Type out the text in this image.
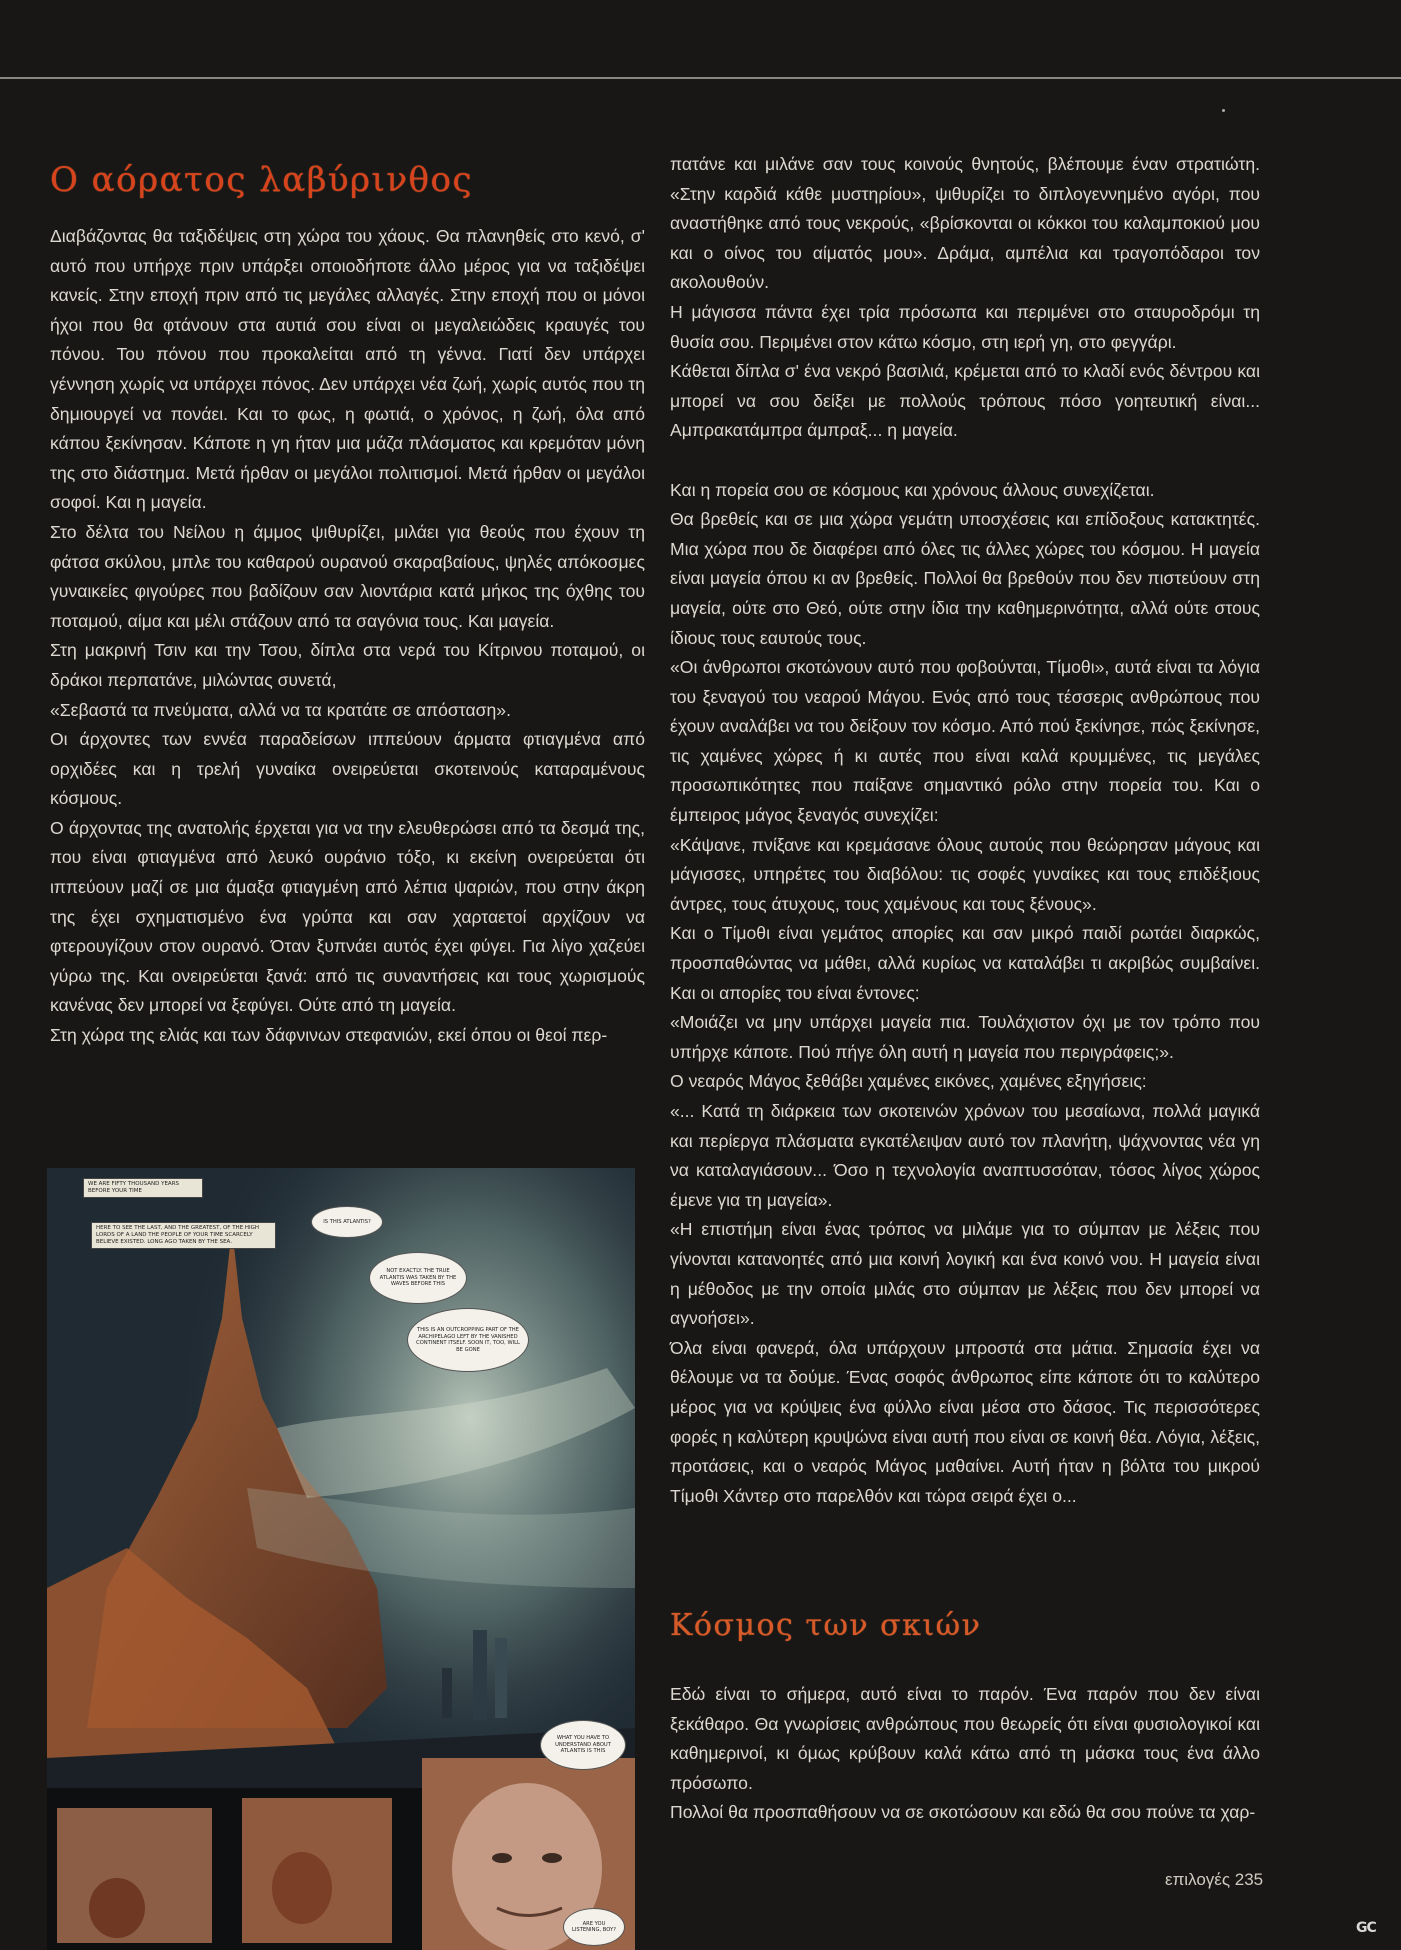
Ο αόρατος λαβύρινθος

Διαβάζοντας θα ταξιδέψεις στη χώρα του χάους. Θα πλανηθείς στο κενό, σ' αυτό που υπήρχε πριν υπάρξει οποιοδήποτε άλλο μέρος για να ταξιδέψει κανείς. Στην εποχή πριν από τις μεγάλες αλλαγές. Στην εποχή που οι μόνοι ήχοι που θα φτάνουν στα αυτιά σου είναι οι μεγαλειώδεις κραυγές του πόνου. Του πόνου που προκαλείται από τη γέννα. Γιατί δεν υπάρχει γέννηση χωρίς να υπάρχει πόνος. Δεν υπάρχει νέα ζωή, χωρίς αυτός που τη δημιουργεί να πονάει. Και το φως, η φωτιά, ο χρόνος, η ζωή, όλα από κάπου ξεκίνησαν. Κάποτε η γη ήταν μια μάζα πλάσματος και κρεμόταν μόνη της στο διάστημα. Μετά ήρθαν οι μεγάλοι πολιτισμοί. Μετά ήρθαν οι μεγάλοι σοφοί. Και η μαγεία.

Στο δέλτα του Νείλου η άμμος ψιθυρίζει, μιλάει για θεούς που έχουν τη φάτσα σκύλου, μπλε του καθαρού ουρανού σκαραβαίους, ψηλές απόκοσμες γυναικείες φιγούρες που βαδίζουν σαν λιοντάρια κατά μήκος της όχθης του ποταμού, αίμα και μέλι στάζουν από τα σαγόνια τους. Και μαγεία.

Στη μακρινή Τσιν και την Τσου, δίπλα στα νερά του Κίτρινου ποταμού, οι δράκοι περπατάνε, μιλώντας συνετά,

«Σεβαστά τα πνεύματα, αλλά να τα κρατάτε σε απόσταση».

Οι άρχοντες των εννέα παραδείσων ιππεύουν άρματα φτιαγμένα από ορχιδέες και η τρελή γυναίκα ονειρεύεται σκοτεινούς καταραμένους κόσμους.

Ο άρχοντας της ανατολής έρχεται για να την ελευθερώσει από τα δεσμά της, που είναι φτιαγμένα από λευκό ουράνιο τόξο, κι εκείνη ονειρεύεται ότι ιππεύουν μαζί σε μια άμαξα φτιαγμένη από λέπια ψαριών, που στην άκρη της έχει σχηματισμένο ένα γρύπα και σαν χαρταετοί αρχίζουν να φτερουγίζουν στον ουρανό. Όταν ξυπνάει αυτός έχει φύγει. Για λίγο χαζεύει γύρω της. Και ονειρεύεται ξανά: από τις συναντήσεις και τους χωρισμούς κανένας δεν μπορεί να ξεφύγει. Ούτε από τη μαγεία.

Στη χώρα της ελιάς και των δάφνινων στεφανιών, εκεί όπου οι θεοί περ-

πατάνε και μιλάνε σαν τους κοινούς θνητούς, βλέπουμε έναν στρατιώτη. «Στην καρδιά κάθε μυστηρίου», ψιθυρίζει το διπλογεννημένο αγόρι, που αναστήθηκε από τους νεκρούς, «βρίσκονται οι κόκκοι του καλαμποκιού μου και ο οίνος του αίματός μου». Δράμα, αμπέλια και τραγοπόδαροι τον ακολουθούν.

Η μάγισσα πάντα έχει τρία πρόσωπα και περιμένει στο σταυροδρόμι τη θυσία σου. Περιμένει στον κάτω κόσμο, στη ιερή γη, στο φεγγάρι.

Κάθεται δίπλα σ' ένα νεκρό βασιλιά, κρέμεται από το κλαδί ενός δέντρου και μπορεί να σου δείξει με πολλούς τρόπους πόσο γοητευτική είναι... Αμπρακατάμπρα άμπραξ... η μαγεία.

Και η πορεία σου σε κόσμους και χρόνους άλλους συνεχίζεται.

Θα βρεθείς και σε μια χώρα γεμάτη υποσχέσεις και επίδοξους κατακτητές. Μια χώρα που δε διαφέρει από όλες τις άλλες χώρες του κόσμου. Η μαγεία είναι μαγεία όπου κι αν βρεθείς. Πολλοί θα βρεθούν που δεν πιστεύουν στη μαγεία, ούτε στο Θεό, ούτε στην ίδια την καθημερινότητα, αλλά ούτε στους ίδιους τους εαυτούς τους.

«Οι άνθρωποι σκοτώνουν αυτό που φοβούνται, Τίμοθι», αυτά είναι τα λόγια του ξεναγού του νεαρού Μάγου. Ενός από τους τέσσερις ανθρώπους που έχουν αναλάβει να του δείξουν τον κόσμο. Από πού ξεκίνησε, πώς ξεκίνησε, τις χαμένες χώρες ή κι αυτές που είναι καλά κρυμμένες, τις μεγάλες προσωπικότητες που παίξανε σημαντικό ρόλο στην πορεία του. Και ο έμπειρος μάγος ξεναγός συνεχίζει:

«Κάψανε, πνίξανε και κρεμάσανε όλους αυτούς που θεώρησαν μάγους και μάγισσες, υπηρέτες του διαβόλου: τις σοφές γυναίκες και τους επιδέξιους άντρες, τους άτυχους, τους χαμένους και τους ξένους».

Και ο Τίμοθι είναι γεμάτος απορίες και σαν μικρό παιδί ρωτάει διαρκώς, προσπαθώντας να μάθει, αλλά κυρίως να καταλάβει τι ακριβώς συμβαίνει. Και οι απορίες του είναι έντονες:

«Μοιάζει να μην υπάρχει μαγεία πια. Τουλάχιστον όχι με τον τρόπο που υπήρχε κάποτε. Πού πήγε όλη αυτή η μαγεία που περιγράφεις;».

Ο νεαρός Μάγος ξεθάβει χαμένες εικόνες, χαμένες εξηγήσεις:

«... Κατά τη διάρκεια των σκοτεινών χρόνων του μεσαίωνα, πολλά μαγικά και περίεργα πλάσματα εγκατέλειψαν αυτό τον πλανήτη, ψάχνοντας νέα γη να καταλαγιάσουν... Όσο η τεχνολογία αναπτυσσόταν, τόσος λίγος χώρος έμενε για τη μαγεία».

«Η επιστήμη είναι ένας τρόπος να μιλάμε για το σύμπαν με λέξεις που γίνονται κατανοητές από μια κοινή λογική και ένα κοινό νου. Η μαγεία είναι η μέθοδος με την οποία μιλάς στο σύμπαν με λέξεις που δεν μπορεί να αγνοήσει».

Όλα είναι φανερά, όλα υπάρχουν μπροστά στα μάτια. Σημασία έχει να θέλουμε να τα δούμε. Ένας σοφός άνθρωπος είπε κάποτε ότι το καλύτερο μέρος για να κρύψεις ένα φύλλο είναι μέσα στο δάσος. Τις περισσότερες φορές η καλύτερη κρυψώνα είναι αυτή που είναι σε κοινή θέα. Λόγια, λέξεις, προτάσεις, και ο νεαρός Μάγος μαθαίνει. Αυτή ήταν η βόλτα του μικρού Τίμοθι Χάντερ στο παρελθόν και τώρα σειρά έχει ο...

Κόσμος των σκιών

Εδώ είναι το σήμερα, αυτό είναι το παρόν. Ένα παρόν που δεν είναι ξεκάθαρο. Θα γνωρίσεις ανθρώπους που θεωρείς ότι είναι φυσιολογικοί και καθημερινοί, κι όμως κρύβουν καλά κάτω από τη μάσκα τους ένα άλλο πρόσωπο.

Πολλοί θα προσπαθήσουν να σε σκοτώσουν και εδώ θα σου πούνε τα χαρ-

WE ARE FIFTY THOUSAND YEARS BEFORE YOUR TIME
HERE TO SEE THE LAST, AND THE GREATEST, OF THE HIGH LORDS OF A LAND THE PEOPLE OF YOUR TIME SCARCELY BELIEVE EXISTED. LONG AGO TAKEN BY THE SEA.
IS THIS ATLANTIS?
NOT EXACTLY. THE TRUE ATLANTIS WAS TAKEN BY THE WAVES BEFORE THIS
THIS IS AN OUTCROPPING PART OF THE ARCHIPELAGO LEFT BY THE VANISHED CONTINENT ITSELF. SOON IT, TOO, WILL BE GONE
WHAT YOU HAVE TO UNDERSTAND ABOUT ATLANTIS IS THIS
ARE YOU LISTENING, BOY?
επιλογές 235
GC
